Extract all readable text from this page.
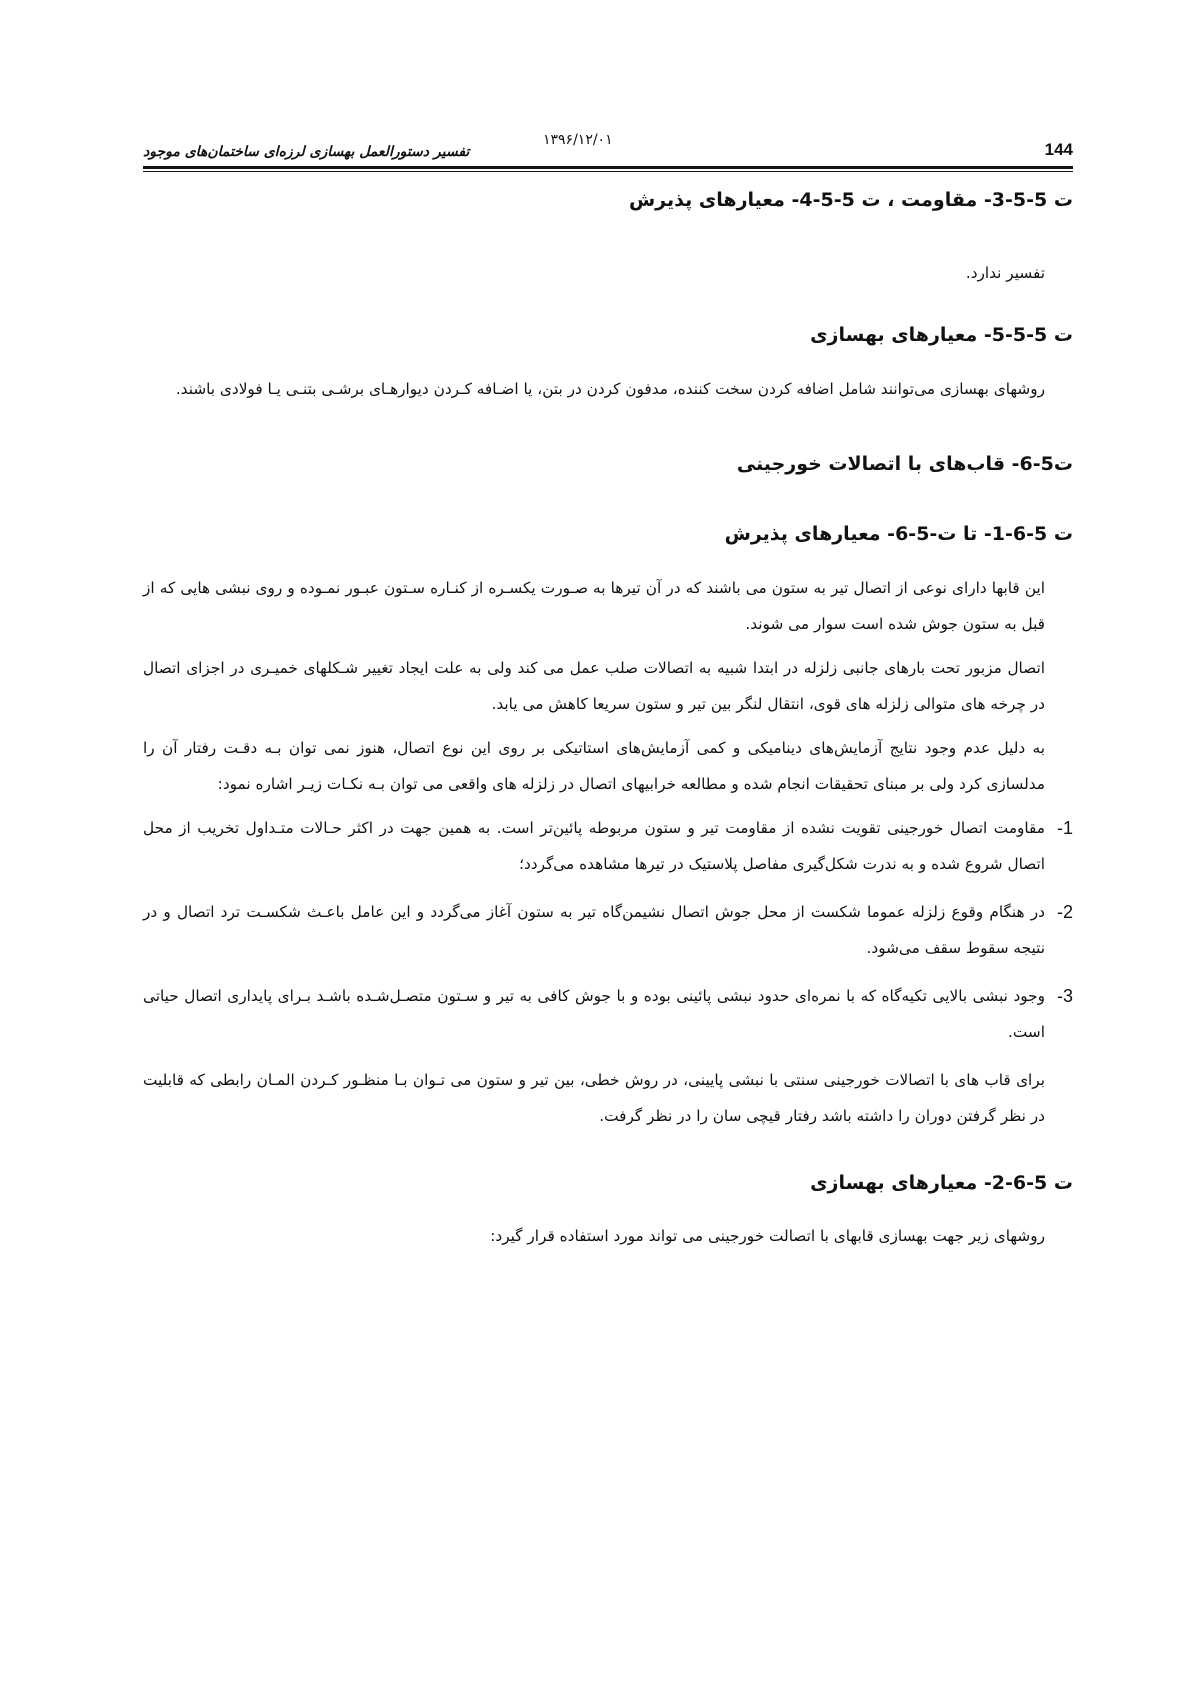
تفسیر دستورالعمل بهسازی لرزه‌ای ساختمان‌های موجود
۱۳۹۶/۱۲/۰۱	144
ت 5-5-3- مقاومت ، ت 5-5-4- معیارهای پذیرش

تفسیر ندارد.

ت 5-5-5- معیارهای بهسازی

روشهای بهسازی می‌توانند شامل اضافه کردن سخت کننده، مدفون کردن در بتن، یا اضـافه کـردن دیوارهـای برشـی بتنـی یـا فولادی باشند.

ت5-6- قاب‌های با اتصالات خورجینی
ت 5-6-1- تا ت-5-6- معیارهای پذیرش

این قابها دارای نوعی از اتصال تیر به ستون می باشند که در آن تیرها به صـورت یکسـره از کنـاره سـتون عبـور نمـوده و روی نبشی هایی که از قبل به ستون جوش شده است سوار می شوند.

اتصال مزبور تحت بارهای جانبی زلزله در ابتدا شبیه به اتصالات صلب عمل می کند ولی به علت ایجاد تغییر شـکلهای خمیـری در اجزای اتصال در چرخه های متوالی زلزله های قوی، انتقال لنگر بین تیر و ستون سریعا کاهش می یابد.

به دلیل عدم وجود نتایج آزمایش‌های دینامیکی و کمی آزمایش‌های استاتیکی بر روی این نوع اتصال، هنوز نمی توان بـه دقـت رفتار آن را مدلسازی کرد ولی بر مبنای تحقیقات انجام شده و مطالعه خرابیهای اتصال در زلزله های واقعی می توان بـه نکـات زیـر اشاره نمود:

1-
مقاومت اتصال خورجینی تقویت نشده از مقاومت تیر و ستون مربوطه پائین‌تر است. به همین جهت در اکثر حـالات متـداول تخریب از محل اتصال شروع شده و به ندرت شکل‌گیری مفاصل پلاستیک در تیرها مشاهده می‌گردد؛
2-
در هنگام وقوع زلزله عموما شکست از محل جوش اتصال نشیمن‌گاه تیر به ستون آغاز می‌گردد و این عامل باعـث شکسـت ترد اتصال و در نتیجه سقوط سقف می‌شود.
3-
وجود نبشی بالایی تکیه‌گاه که با نمره‌ای حدود نبشی پائینی بوده و با جوش کافی به تیر و سـتون متصـل‌شـده باشـد بـرای پایداری اتصال حیاتی است.

برای قاب های با اتصالات خورجینی سنتی با نبشی پایینی، در روش خطی، بین تیر و ستون می تـوان بـا منظـور کـردن المـان رابطی که قابلیت در نظر گرفتن دوران را داشته باشد رفتار قیچی سان را در نظر گرفت.

ت 5-6-2- معیارهای بهسازی

روشهای زیر جهت بهسازی قابهای با اتصالت خورجینی می تواند مورد استفاده قرار گیرد:
